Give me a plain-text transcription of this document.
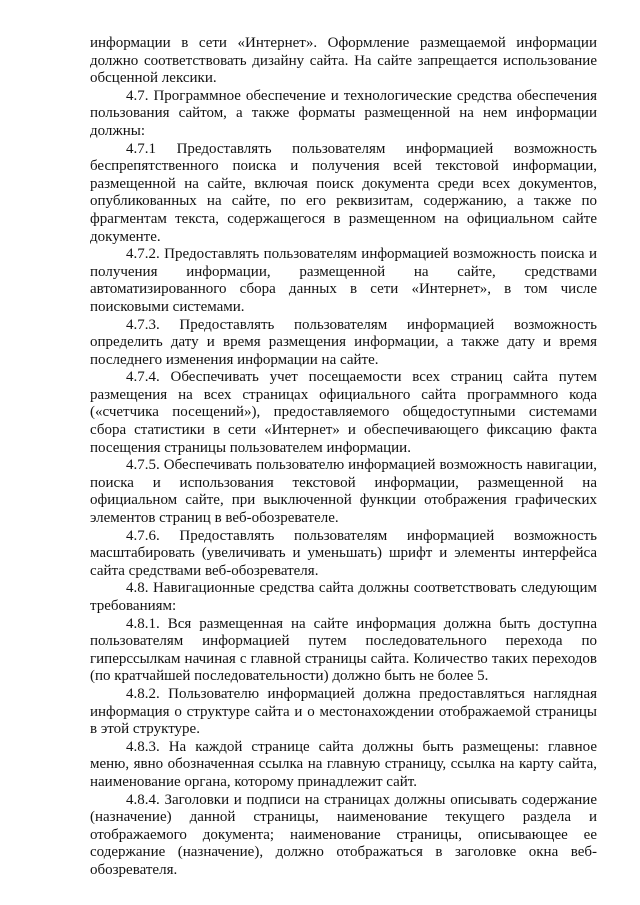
информации в сети «Интернет». Оформление размещаемой информации должно соответствовать дизайну сайта. На сайте запрещается использование обсценной лексики.

4.7. Программное обеспечение и технологические средства обеспечения пользования сайтом, а также форматы размещенной на нем информации должны:

4.7.1 Предоставлять пользователям информацией возможность беспрепятственного поиска и получения всей текстовой информации, размещенной на сайте, включая поиск документа среди всех документов, опубликованных на сайте, по его реквизитам, содержанию, а также по фрагментам текста, содержащегося в размещенном на официальном сайте документе.

4.7.2. Предоставлять пользователям информацией возможность поиска и получения информации, размещенной на сайте, средствами автоматизированного сбора данных в сети «Интернет», в том числе поисковыми системами.

4.7.3. Предоставлять пользователям информацией возможность определить дату и время размещения информации, а также дату и время последнего изменения информации на сайте.

4.7.4. Обеспечивать учет посещаемости всех страниц сайта путем размещения на всех страницах официального сайта программного кода («счетчика посещений»), предоставляемого общедоступными системами сбора статистики в сети «Интернет» и обеспечивающего фиксацию факта посещения страницы пользователем информации.

4.7.5. Обеспечивать пользователю информацией возможность навигации, поиска и использования текстовой информации, размещенной на официальном сайте, при выключенной функции отображения графических элементов страниц в веб-обозревателе.

4.7.6. Предоставлять пользователям информацией возможность масштабировать (увеличивать и уменьшать) шрифт и элементы интерфейса сайта средствами веб-обозревателя.

4.8. Навигационные средства сайта должны соответствовать следующим требованиям:

4.8.1. Вся размещенная на сайте информация должна быть доступна пользователям информацией путем последовательного перехода по гиперссылкам начиная с главной страницы сайта. Количество таких переходов (по кратчайшей последовательности) должно быть не более 5.

4.8.2. Пользователю информацией должна предоставляться наглядная информация о структуре сайта и о местонахождении отображаемой страницы в этой структуре.

4.8.3. На каждой странице сайта должны быть размещены: главное меню, явно обозначенная ссылка на главную страницу, ссылка на карту сайта, наименование органа, которому принадлежит сайт.

4.8.4. Заголовки и подписи на страницах должны описывать содержание (назначение) данной страницы, наименование текущего раздела и отображаемого документа; наименование страницы, описывающее ее содержание (назначение), должно отображаться в заголовке окна веб-обозревателя.
